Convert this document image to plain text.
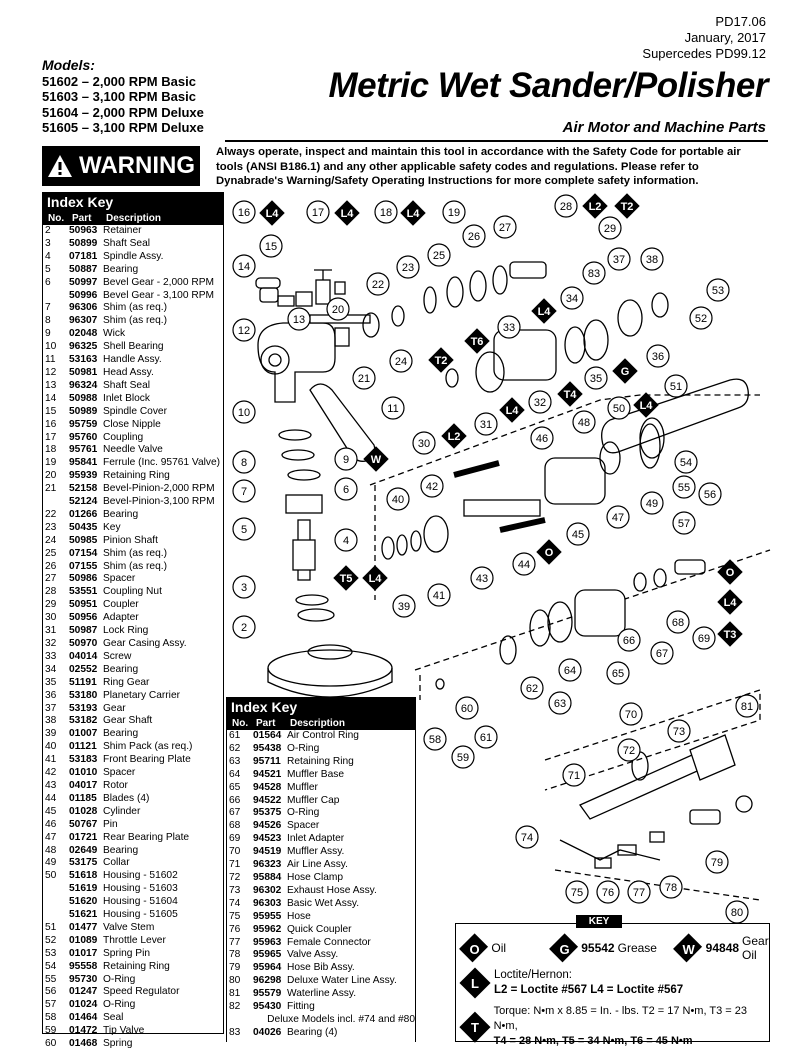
PD17.06
January, 2017
Supercedes PD99.12
Models:
51602 – 2,000 RPM Basic
51603 – 3,100 RPM Basic
51604 – 2,000 RPM Deluxe
51605 – 3,100 RPM Deluxe
Metric Wet Sander/Polisher
Air Motor and Machine Parts
WARNING Always operate, inspect and maintain this tool in accordance with the Safety Code for portable air tools (ANSI B186.1) and any other applicable safety codes and regulations. Please refer to Dynabrade's Warning/Safety Operating Instructions for more complete safety information.
Index Key
No. Part	Description
2	50963 Retainer
3	50899 Shaft Seal
4	07181 Spindle Assy.
5	50887 Bearing
6	50997 Bevel Gear - 2,000 RPM
50996 Bevel Gear - 3,100 RPM
7	96306 Shim (as req.)
8	96307 Shim (as req.)
9	02048 Wick
10	96325 Shell Bearing
11	53163 Handle Assy.
12	50981 Head Assy.
13	96324 Shaft Seal
14	50988 Inlet Block
15	50989 Spindle Cover
16	95759 Close Nipple
17	95760 Coupling
18	95761 Needle Valve
19	95841 Ferrule (Inc. 95761 Valve)
20	95939 Retaining Ring
21	52158 Bevel-Pinion-2,000 RPM
52124 Bevel-Pinion-3,100 RPM
22	01266 Bearing
23	50435 Key
24	50985 Pinion Shaft
25	07154 Shim (as req.)
26	07155 Shim (as req.)
27	50986 Spacer
28	53551 Coupling Nut
29	50951 Coupler
30	50956 Adapter
31	50987 Lock Ring
32	50970 Gear Casing Assy.
33	04014 Screw
34	02552 Bearing
35	51191 Ring Gear
36	53180 Planetary Carrier
37	53193 Gear
38	53182 Gear Shaft
39	01007 Bearing
40	01121 Shim Pack (as req.)
41	53183 Front Bearing Plate
42	01010 Spacer
43	04017 Rotor
44	01185 Blades (4)
45	01028 Cylinder
46	50767 Pin
47	01721 Rear Bearing Plate
48	02649 Bearing
49	53175 Collar
50	51618 Housing - 51602
51619 Housing - 51603
51620 Housing - 51604
51621 Housing - 51605
51	01477 Valve Stem
52	01089 Throttle Lever
53	01017 Spring Pin
54	95558 Retaining Ring
55	95730 O-Ring
56	01247 Speed Regulator
57	01024 O-Ring
58	01464 Seal
59	01472 Tip Valve
60	01468 Spring
Index Key
No. Part	Description
61	01564 Air Control Ring
62	95438 O-Ring
63	95711 Retaining Ring
64	94521 Muffler Base
65	94528 Muffler
66	94522 Muffler Cap
67	95375 O-Ring
68	94526 Spacer
69	94523 Inlet Adapter
70	94519 Muffler Assy.
71	96323 Air Line Assy.
72	95884 Hose Clamp
73	96302 Exhaust Hose Assy.
74	96303 Basic Wet Assy.
75	95955 Hose
76	95962 Quick Coupler
77	95963 Female Connector
78	95965 Valve Assy.
79	95964 Hose Bib Assy.
80	96298 Deluxe Water Line Assy.
81	95579 Waterline Assy.
82	95430 Fitting
Deluxe Models incl. #74 and #80
83	04026 Bearing (4)
2
3
4
5
6
7
8	9
10	11
12
13
14
15
16	17	18	19
20
21
22
23
24
25
26
27
28
29
30
31
32
33
34
35
36
37 38
39
40
41
42
43
44
45
46
47
48
49
50
51
52
53
54
55
56
57
58
59
60
61
62
63
64	65
66
67
68
69
70
71
72
73
74
75 76 77 78
79
80
81
83
L4	L4	L4
L2 T2
L4
T2
T6
G
T4
L4
L2
L4
W
T5 L4
O
O
L4
T3
O Oil	G 95542 Grease	W 94848 Gear Oil
L
Loctite/Hernon:
L2 = Loctite #567 L4 = Loctite #567
T
Torque: N•m x 8.85 = In. - lbs. T2 = 17 N•m, T3 = 23 N•m,
T4 = 28 N•m, T5 = 34 N•m, T6 = 45 N•m
KEY
